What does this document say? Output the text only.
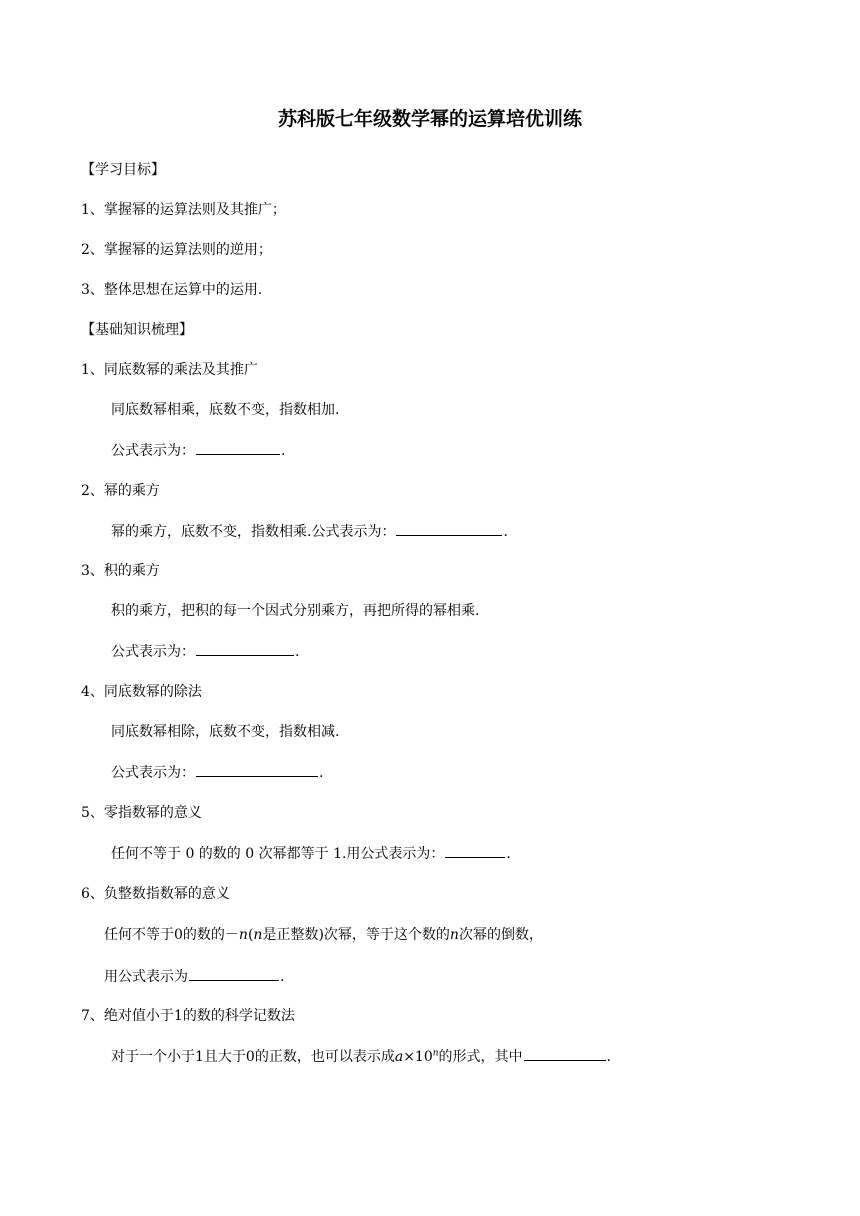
苏科版七年级数学幂的运算培优训练
【学习目标】
1、掌握幂的运算法则及其推广；
2、掌握幂的运算法则的逆用；
3、整体思想在运算中的运用.
【基础知识梳理】
1、同底数幂的乘法及其推广
同底数幂相乘，底数不变，指数相加.
公式表示为：	.
2、幂的乘方
幂的乘方，底数不变，指数相乘.公式表示为：	.
3、积的乘方
积的乘方，把积的每一个因式分别乘方，再把所得的幂相乘.
公式表示为：	.
4、同底数幂的除法
同底数幂相除，底数不变，指数相减.
公式表示为：	.
5、零指数幂的意义
任何不等于 0 的数的 0 次幂都等于 1.用公式表示为：	.
6、负整数指数幂的意义
任何不等于0的数的－n(n是正整数)次幂，等于这个数的n次幂的倒数，
用公式表示为	.
7、绝对值小于1的数的科学记数法
对于一个小于1且大于0的正数，也可以表示成$a\times 10^n$的形式，其中	.
